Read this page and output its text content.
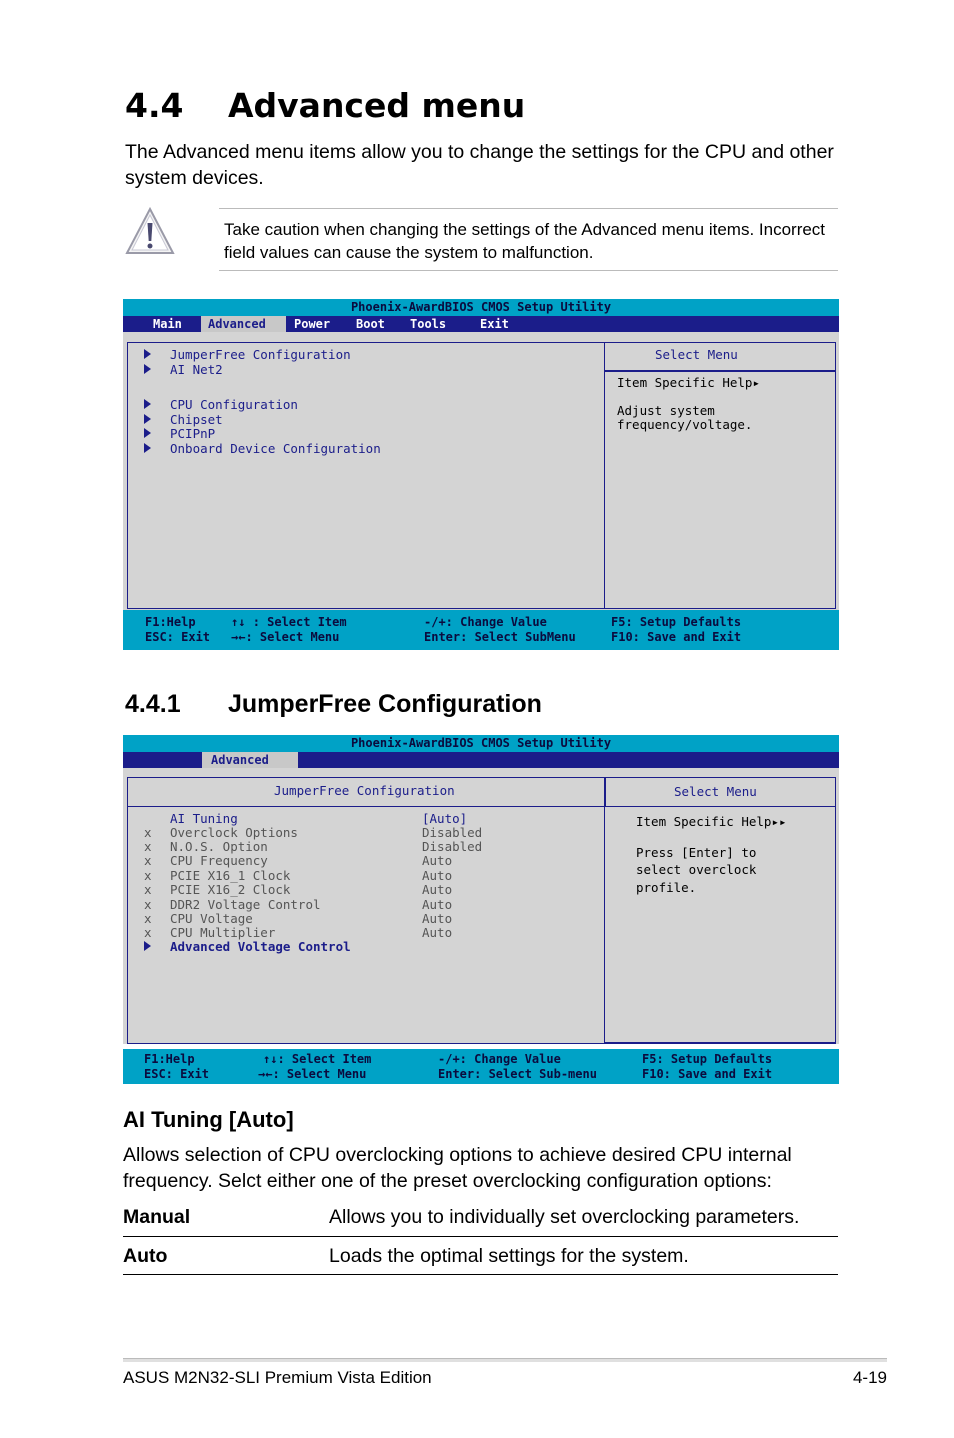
4.4 Advanced menu
The Advanced menu items allow you to change the settings for the CPU and other system devices.
Take caution when changing the settings of the Advanced menu items. Incorrect field values can cause the system to malfunction.
Phoenix-AwardBIOS CMOS Setup Utility
Main	Advanced	Power Boot Tools	Exit
JumperFree Configuration
AI Net2
CPU Configuration
Chipset
PCIPnP
Onboard Device Configuration
Select Menu
Item Specific Help▸
Adjust system
frequency/voltage.
F1:Help
ESC: Exit
↑↓ : Select Item
→←: Select Menu
-/+: Change Value
Enter: Select SubMenu
F5: Setup Defaults
F10: Save and Exit
4.4.1 JumperFree Configuration
Phoenix-AwardBIOS CMOS Setup Utility
Advanced
JumperFree Configuration	Select Menu
AI Tuning	[Auto]
x Overclock Options	Disabled
x N.O.S. Option	Disabled
x CPU Frequency	Auto
x PCIE X16_1 Clock	Auto
x PCIE X16_2 Clock	Auto
x DDR2 Voltage Control	Auto
x CPU Voltage	Auto
x CPU Multiplier	Auto
Advanced Voltage Control
Item Specific Help▸▸
Press [Enter] to
select overclock
profile.
F1:Help
ESC: Exit
↑↓: Select Item
→←: Select Menu
-/+: Change Value
Enter: Select Sub-menu
F5: Setup Defaults
F10: Save and Exit
AI Tuning [Auto]
Allows selection of CPU overclocking options to achieve desired CPU internal frequency. Selct either one of the preset overclocking configuration options:
Manual	Allows you to individually set overclocking parameters.
Auto	Loads the optimal settings for the system.
ASUS M2N32-SLI Premium Vista Edition	4-19
